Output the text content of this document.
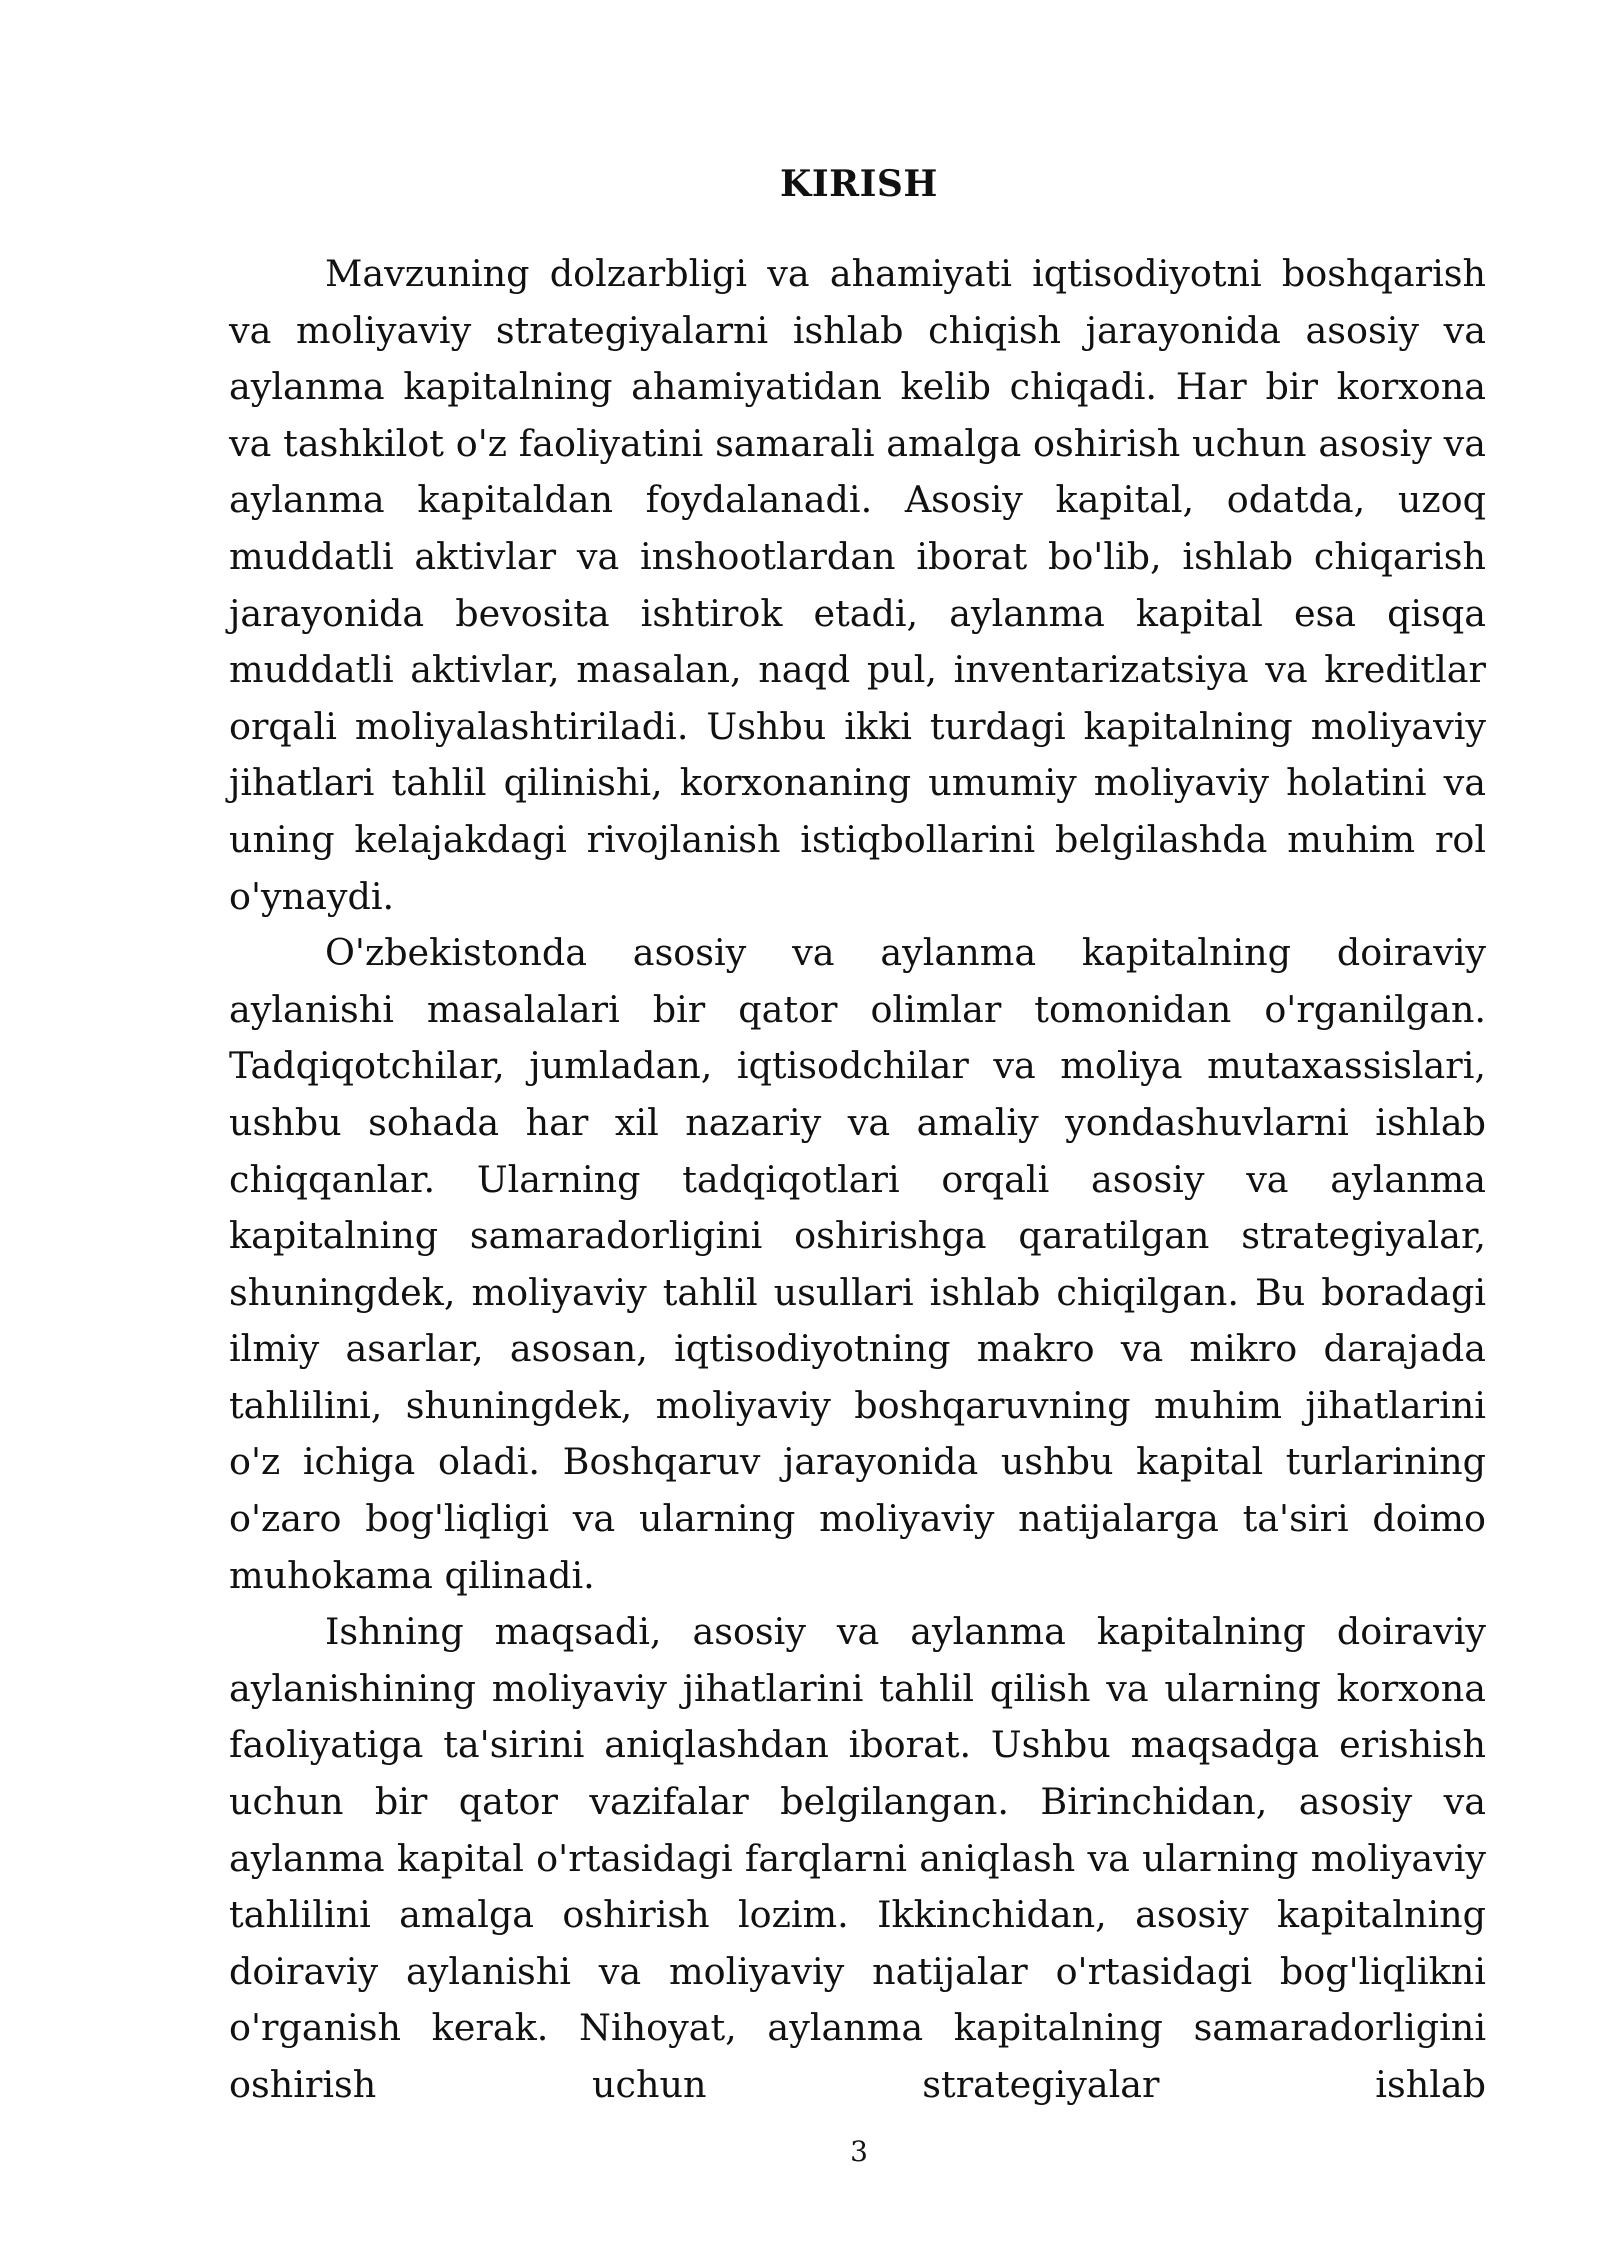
KIRISH

Mavzuning dolzarbligi va ahamiyati iqtisodiyotni boshqarish va moliyaviy strategiyalarni ishlab chiqish jarayonida asosiy va aylanma kapitalning ahamiyatidan kelib chiqadi. Har bir korxona va tashkilot o'z faoliyatini samarali amalga oshirish uchun asosiy va aylanma kapitaldan foydalanadi. Asosiy kapital, odatda, uzoq muddatli aktivlar va inshootlardan iborat bo'lib, ishlab chiqarish jarayonida bevosita ishtirok etadi, aylanma kapital esa qisqa muddatli aktivlar, masalan, naqd pul, inventarizatsiya va kreditlar orqali moliyalashtiriladi. Ushbu ikki turdagi kapitalning moliyaviy jihatlari tahlil qilinishi, korxonaning umumiy moliyaviy holatini va uning kelajakdagi rivojlanish istiqbollarini belgilashda muhim rol o'ynaydi.

O'zbekistonda asosiy va aylanma kapitalning doiraviy aylanishi masalalari bir qator olimlar tomonidan o'rganilgan. Tadqiqotchilar, jumladan, iqtisodchilar va moliya mutaxassislari, ushbu sohada har xil nazariy va amaliy yondashuvlarni ishlab chiqqanlar. Ularning tadqiqotlari orqali asosiy va aylanma kapitalning samaradorligini oshirishga qaratilgan strategiyalar, shuningdek, moliyaviy tahlil usullari ishlab chiqilgan. Bu boradagi ilmiy asarlar, asosan, iqtisodiyotning makro va mikro darajada tahlilini, shuningdek, moliyaviy boshqaruvning muhim jihatlarini o'z ichiga oladi. Boshqaruv jarayonida ushbu kapital turlarining o'zaro bog'liqligi va ularning moliyaviy natijalarga ta'siri doimo muhokama qilinadi.

Ishning maqsadi, asosiy va aylanma kapitalning doiraviy aylanishining moliyaviy jihatlarini tahlil qilish va ularning korxona faoliyatiga ta'sirini aniqlashdan iborat. Ushbu maqsadga erishish uchun bir qator vazifalar belgilangan. Birinchidan, asosiy va aylanma kapital o'rtasidagi farqlarni aniqlash va ularning moliyaviy tahlilini amalga oshirish lozim. Ikkinchidan, asosiy kapitalning doiraviy aylanishi va moliyaviy natijalar o'rtasidagi bog'liqlikni o'rganish kerak. Nihoyat, aylanma kapitalning samaradorligini oshirish uchun strategiyalar ishlab

3
